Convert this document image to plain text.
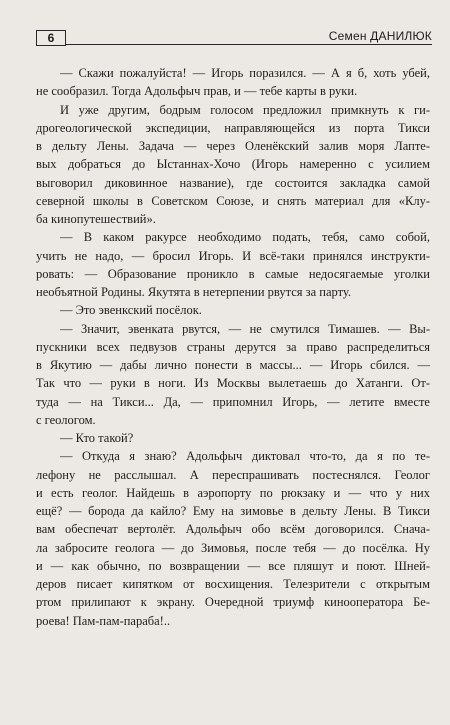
6	Семен ДАНИЛЮК
— Скажи пожалуйста! — Игорь поразился. — А я б, хоть убей,
не сообразил. Тогда Адольфыч прав, и — тебе карты в руки.
И уже другим, бодрым голосом предложил примкнуть к ги-
дрогеологической экспедиции, направляющейся из порта Тикси
в дельту Лены. Задача — через Оленёкский залив моря Лапте-
вых добраться до Ыстаннах-Хочо (Игорь намеренно с усилием
выговорил диковинное название), где состоится закладка самой
северной школы в Советском Союзе, и снять материал для «Клу-
ба кинопутешествий».
— В каком ракурсе необходимо подать, тебя, само собой,
учить не надо, — бросил Игорь. И всё-таки принялся инструкти-
ровать: — Образование проникло в самые недосягаемые уголки
необъятной Родины. Якутята в нетерпении рвутся за парту.
— Это эвенкский посёлок.
— Значит, эвенката рвутся, — не смутился Тимашев. — Вы-
пускники всех педвузов страны дерутся за право распределиться
в Якутию — дабы лично понести в массы... — Игорь сбился. —
Так что — руки в ноги. Из Москвы вылетаешь до Хатанги. От-
туда — на Тикси... Да, — припомнил Игорь, — летите вместе
с геологом.
— Кто такой?
— Откуда я знаю? Адольфыч диктовал что-то, да я по те-
лефону не расслышал. А переспрашивать постеснялся. Геолог
и есть геолог. Найдешь в аэропорту по рюкзаку и — что у них
ещё? — борода да кайло? Ему на зимовье в дельту Лены. В Тикси
вам обеспечат вертолёт. Адольфыч обо всём договорился. Снача-
ла забросите геолога — до Зимовья, после тебя — до посёлка. Ну
и — как обычно, по возвращении — все пляшут и поют. Шней-
деров писает кипятком от восхищения. Телезрители с открытым
ртом прилипают к экрану. Очередной триумф кинооператора Бе-
роева! Пам-пам-парабa!..
